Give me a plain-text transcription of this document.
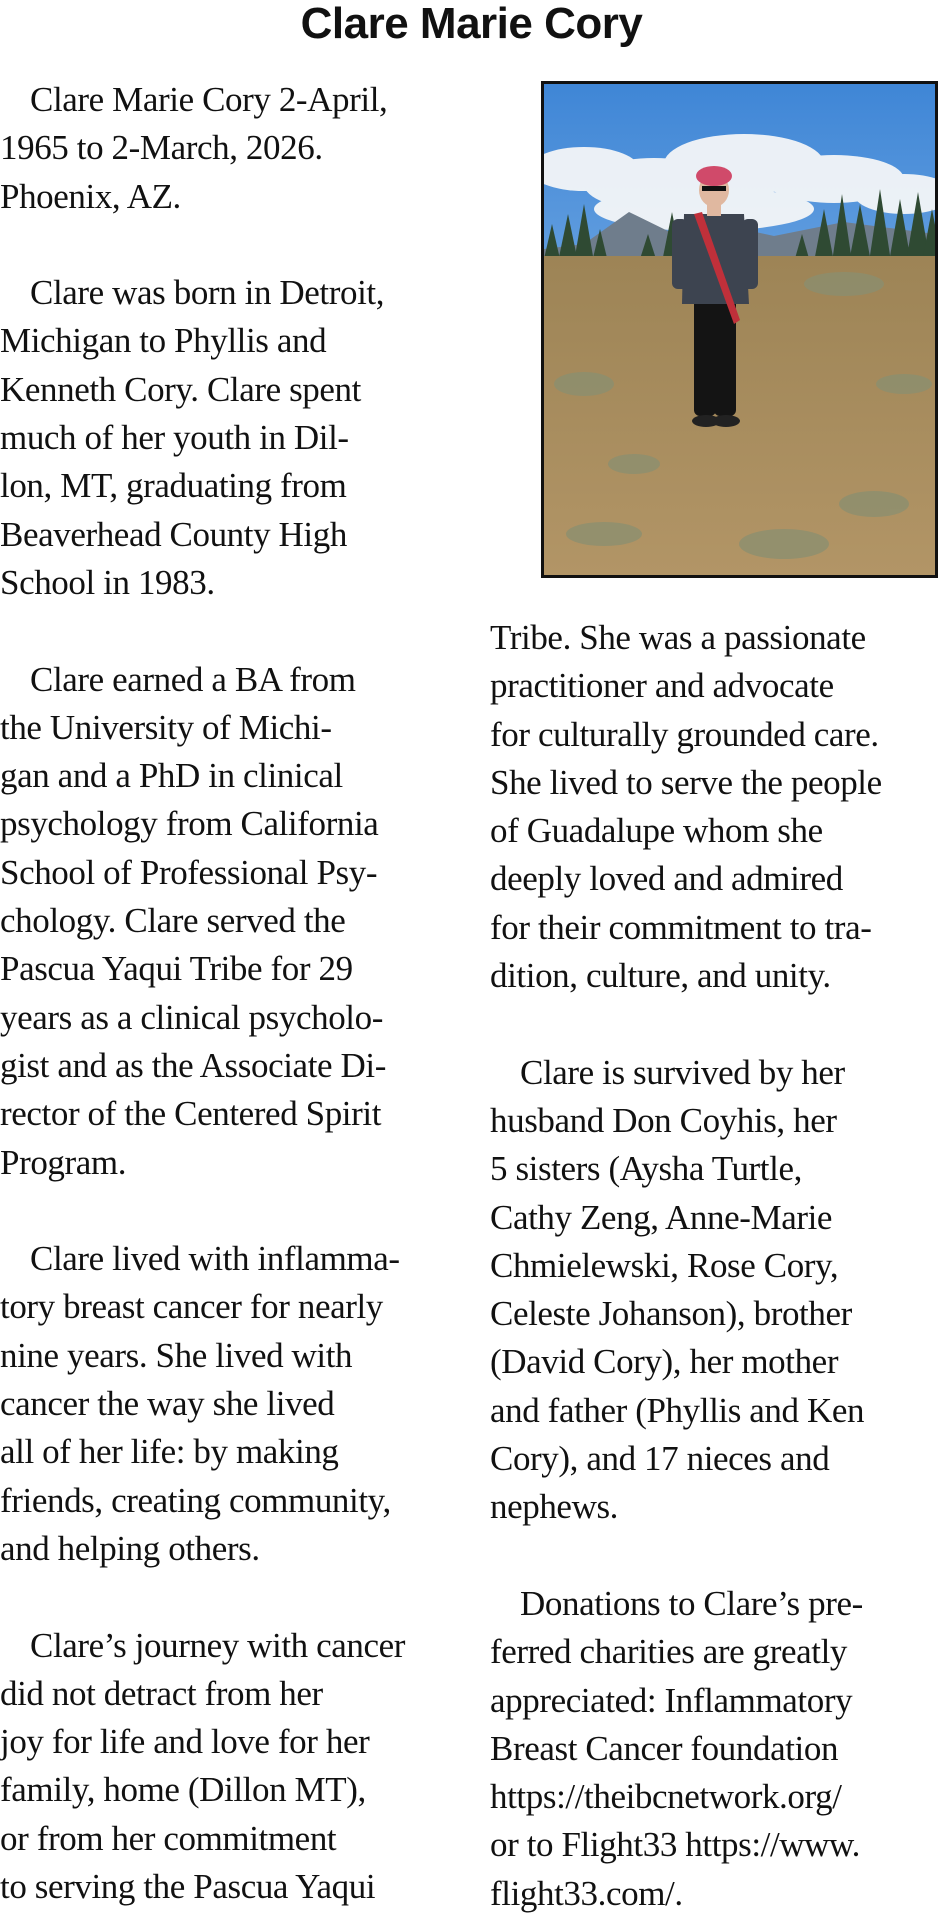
Clare Marie Cory

Clare Marie Cory 2-April,
1965 to 2-March, 2026.
Phoenix, AZ.

Clare was born in Detroit,
Michigan to Phyllis and
Kenneth Cory. Clare spent
much of her youth in Dil-
lon, MT, graduating from
Beaverhead County High
School in 1983.

Clare earned a BA from
the University of Michi-
gan and a PhD in clinical
psychology from California
School of Professional Psy-
chology. Clare served the
Pascua Yaqui Tribe for 29
years as a clinical psycholo-
gist and as the Associate Di-
rector of the Centered Spirit
Program.

Clare lived with inflamma-
tory breast cancer for nearly
nine years. She lived with
cancer the way she lived
all of her life: by making
friends, creating community,
and helping others.

Clare’s journey with cancer
did not detract from her
joy for life and love for her
family, home (Dillon MT),
or from her commitment
to serving the Pascua Yaqui

Tribe. She was a passionate
practitioner and advocate
for culturally grounded care.
She lived to serve the people
of Guadalupe whom she
deeply loved and admired
for their commitment to tra-
dition, culture, and unity.

Clare is survived by her
husband Don Coyhis, her
5 sisters (Aysha Turtle,
Cathy Zeng, Anne-Marie
Chmielewski, Rose Cory,
Celeste Johanson), brother
(David Cory), her mother
and father (Phyllis and Ken
Cory), and 17 nieces and
nephews.

Donations to Clare’s pre-
ferred charities are greatly
appreciated: Inflammatory
Breast Cancer foundation
https://theibcnetwork.org/
or to Flight33 https://www.
flight33.com/.
